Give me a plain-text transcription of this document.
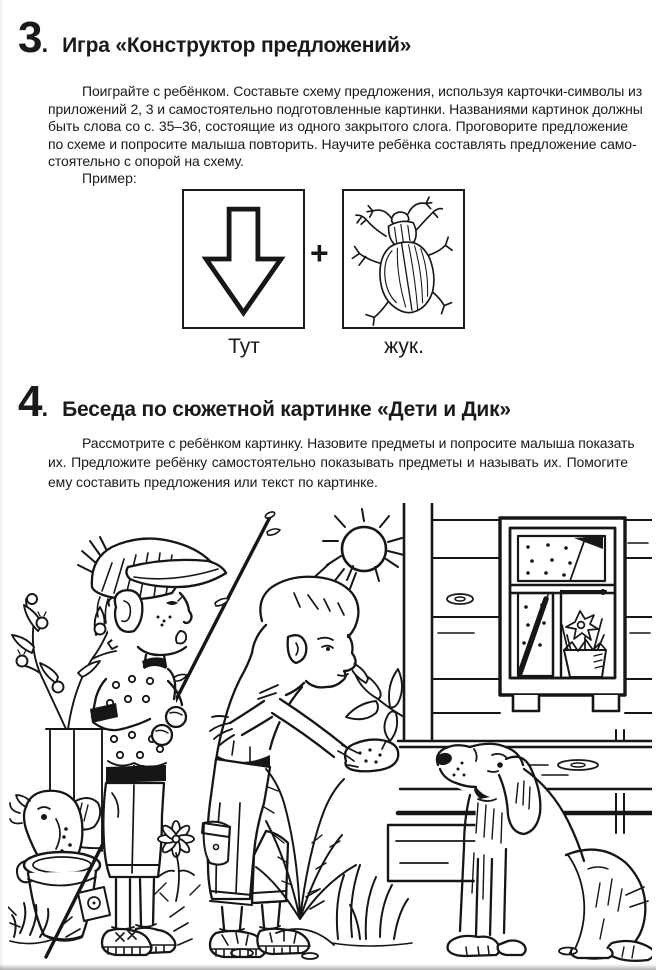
3. Игра «Конструктор предложений»
Поиграйте с ребёнком. Составьте схему предложения, используя карточки-символы из
приложений 2, 3 и самостоятельно подготовленные картинки. Названиями картинок должны
быть слова со с. 35–36, состоящие из одного закрытого слога. Проговорите предложение
по схеме и попросите малыша повторить. Научите ребёнка составлять предложение само-
стоятельно с опорой на схему.
Пример:
+
Тут	жук.
4. Беседа по сюжетной картинке «Дети и Дик»
Рассмотрите с ребёнком картинку. Назовите предметы и попросите малыша показать
их. Предложите ребёнку самостоятельно показывать предметы и называть их. Помогите
ему составить предложения или текст по картинке.
